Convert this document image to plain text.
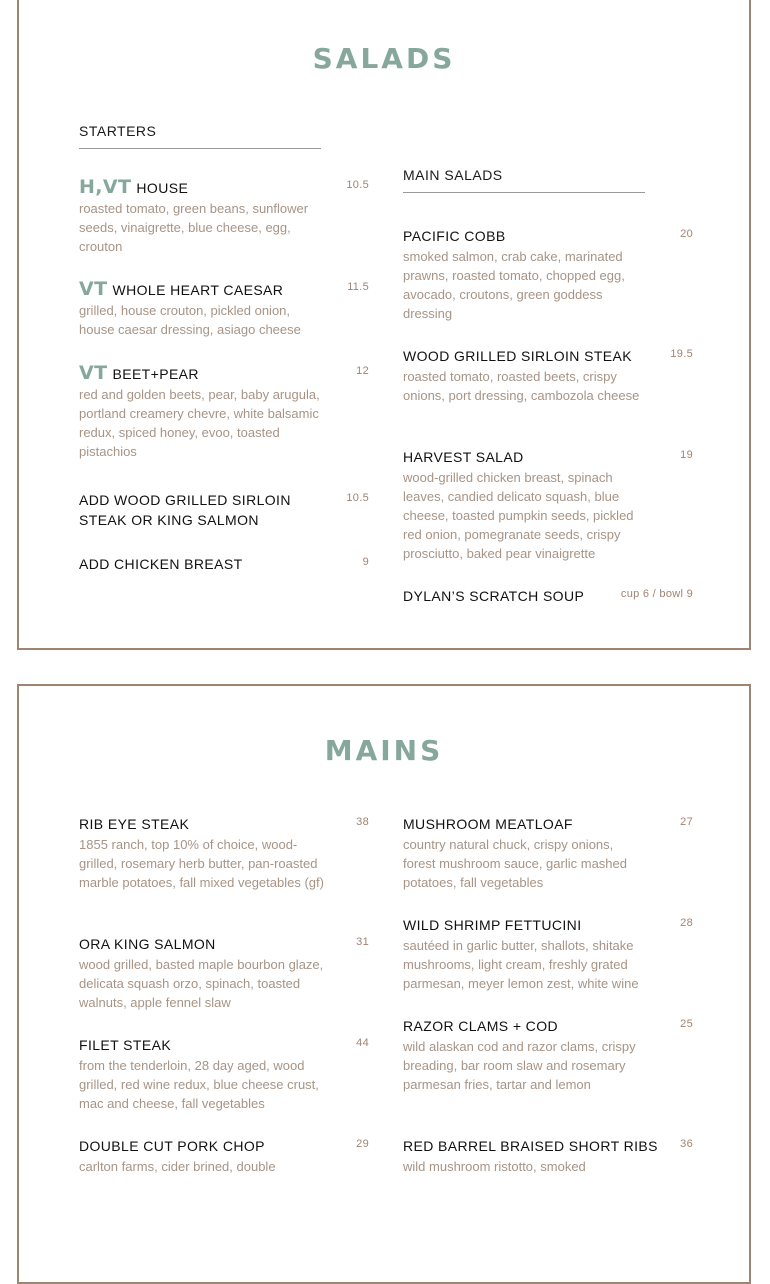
SALADS
STARTERS
H,VT HOUSE
roasted tomato, green beans, sunflower seeds, vinaigrette, blue cheese, egg, crouton
10.5
VT WHOLE HEART CAESAR
grilled, house crouton, pickled onion, house caesar dressing, asiago cheese
11.5
VT BEET+PEAR
red and golden beets, pear, baby arugula, portland creamery chevre, white balsamic redux, spiced honey, evoo, toasted pistachios
12
ADD WOOD GRILLED SIRLOIN STEAK OR KING SALMON
10.5
ADD CHICKEN BREAST	9
MAIN SALADS
PACIFIC COBB
smoked salmon, crab cake, marinated prawns, roasted tomato, chopped egg, avocado, croutons, green goddess dressing
20
WOOD GRILLED SIRLOIN STEAK
roasted tomato, roasted beets, crispy onions, port dressing, cambozola cheese
19.5
HARVEST SALAD
wood-grilled chicken breast, spinach leaves, candied delicato squash, blue cheese, toasted pumpkin seeds, pickled red onion, pomegranate seeds, crispy prosciutto, baked pear vinaigrette
19
DYLAN’S SCRATCH SOUP	cup 6 / bowl 9
MAINS
RIB EYE STEAK
1855 ranch, top 10% of choice, wood-grilled, rosemary herb butter, pan-roasted marble potatoes, fall mixed vegetables (gf)
38
ORA KING SALMON
wood grilled, basted maple bourbon glaze, delicata squash orzo, spinach, toasted walnuts, apple fennel slaw
31
FILET STEAK
from the tenderloin, 28 day aged, wood grilled, red wine redux, blue cheese crust, mac and cheese, fall vegetables
44
DOUBLE CUT PORK CHOP
carlton farms, cider brined, double
29
MUSHROOM MEATLOAF
country natural chuck, crispy onions, forest mushroom sauce, garlic mashed potatoes, fall vegetables
27
WILD SHRIMP FETTUCINI
sautéed in garlic butter, shallots, shitake mushrooms, light cream, freshly grated parmesan, meyer lemon zest, white wine
28
RAZOR CLAMS + COD
wild alaskan cod and razor clams, crispy breading, bar room slaw and rosemary parmesan fries, tartar and lemon
25
RED BARREL BRAISED SHORT RIBS
wild mushroom ristotto, smoked
36
